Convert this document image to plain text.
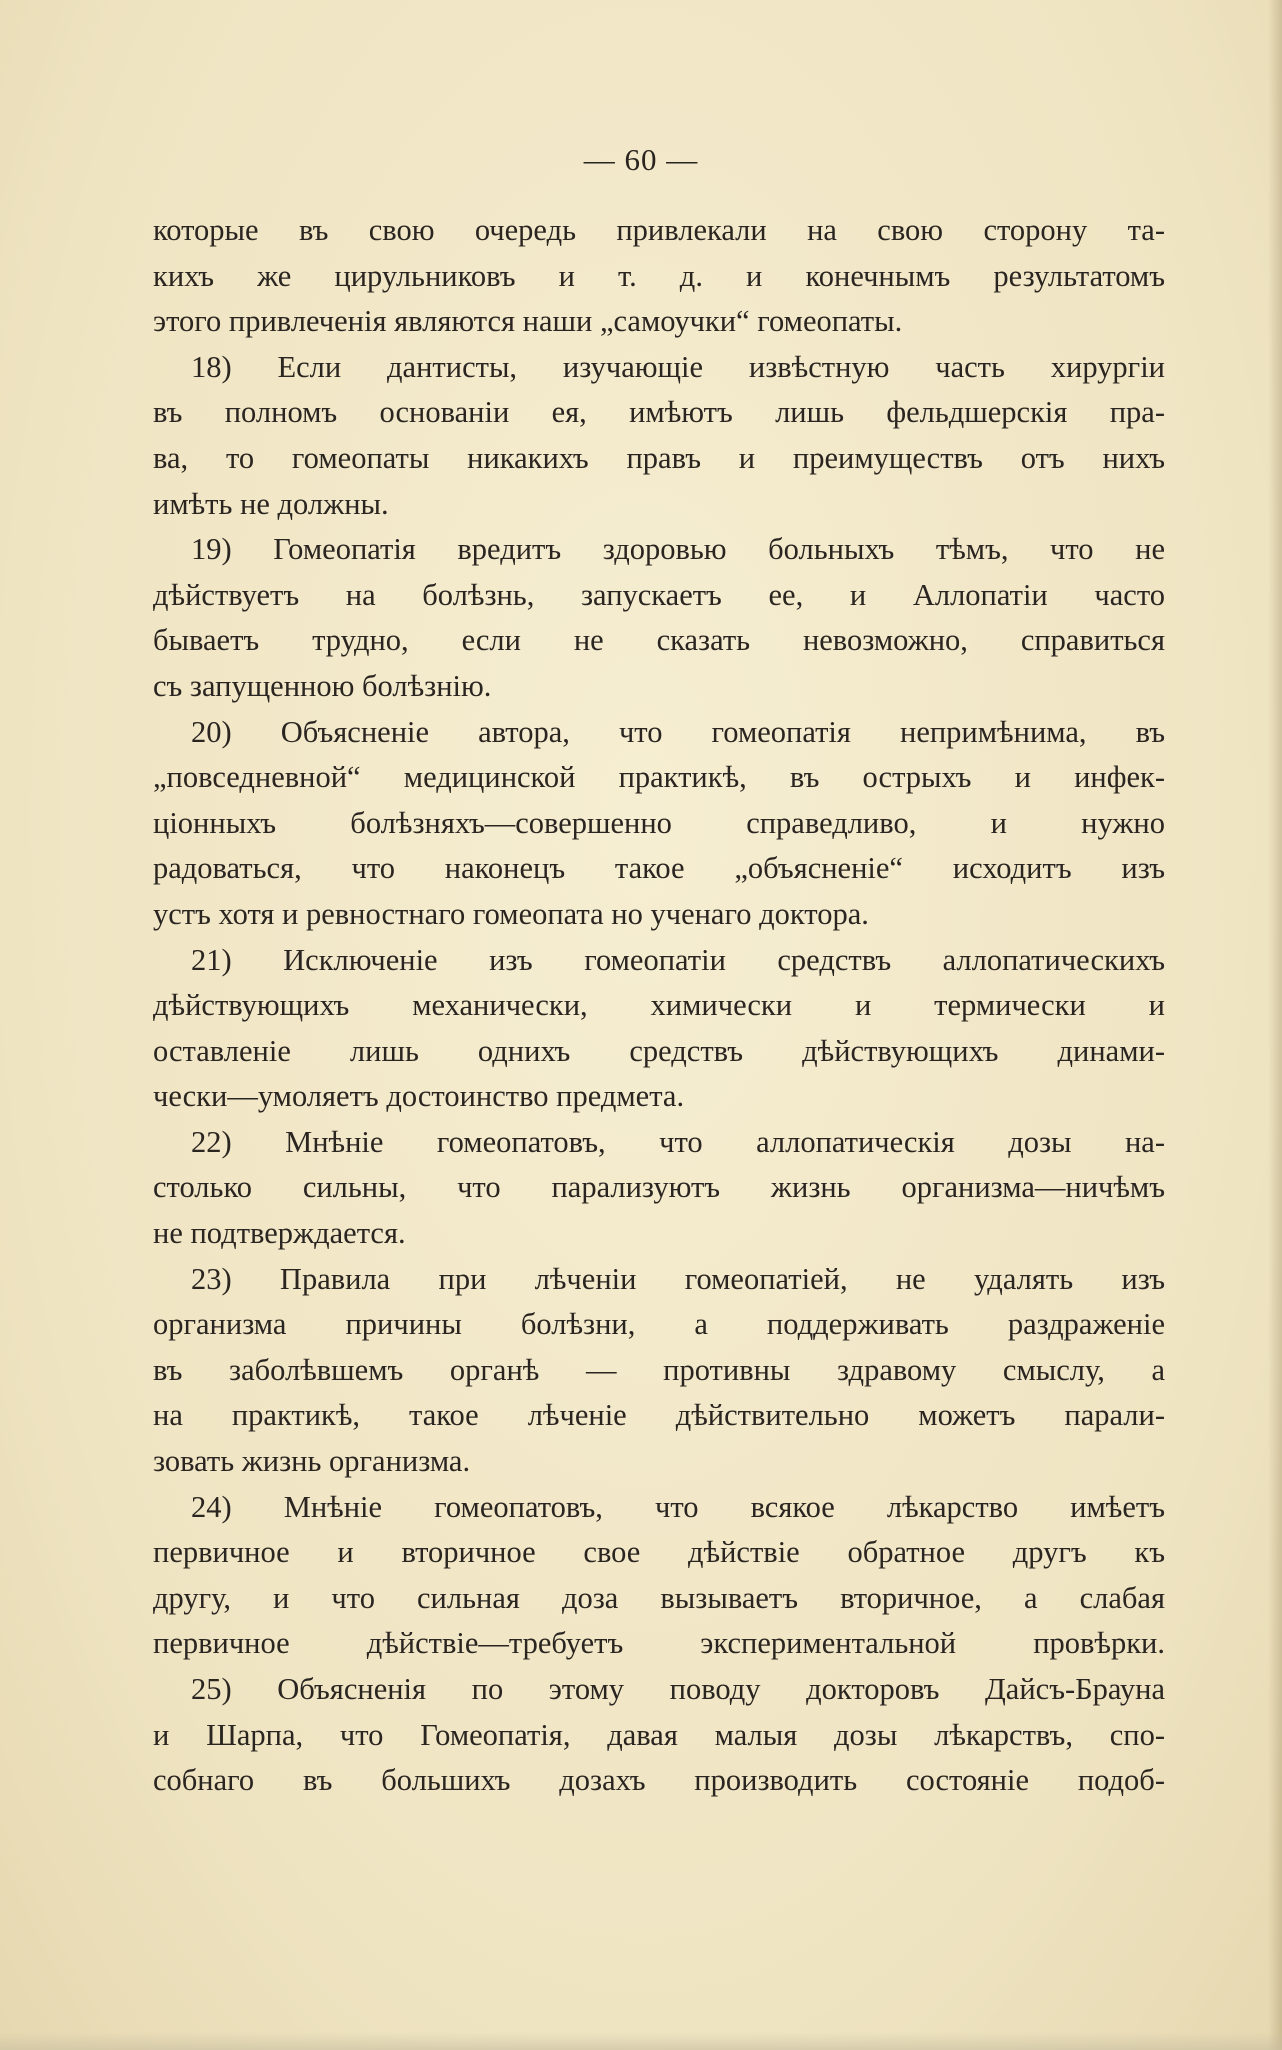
— 60 —
которые въ свою очередь привлекали на свою сторону та-
кихъ же цирульниковъ и т. д. и конечнымъ результатомъ
этого привлеченія являются наши „самоучки“ гомеопаты.
18) Если дантисты, изучающіе извѣстную часть хирургіи
въ полномъ основаніи ея, имѣютъ лишь фельдшерскія пра-
ва, то гомеопаты никакихъ правъ и преимуществъ отъ нихъ
имѣть не должны.
19) Гомеопатія вредитъ здоровью больныхъ тѣмъ, что не
дѣйствуетъ на болѣзнь, запускаетъ ее, и Аллопатіи часто
бываетъ трудно, если не сказать невозможно, справиться
съ запущенною болѣзнію.
20) Объясненіе автора, что гомеопатія непримѣнима, въ
„повседневной“ медицинской практикѣ, въ острыхъ и инфек-
ціонныхъ болѣзняхъ—совершенно справедливо, и нужно
радоваться, что наконецъ такое „объясненіе“ исходитъ изъ
устъ хотя и ревностнаго гомеопата но ученаго доктора.
21) Исключеніе изъ гомеопатіи средствъ аллопатическихъ
дѣйствующихъ механически, химически и термически и
оставленіе лишь однихъ средствъ дѣйствующихъ динами-
чески—умоляетъ достоинство предмета.
22) Мнѣніе гомеопатовъ, что аллопатическія дозы на-
столько сильны, что парализуютъ жизнь организма—ничѣмъ
не подтверждается.
23) Правила при лѣченіи гомеопатіей, не удалять изъ
организма причины болѣзни, а поддерживать раздраженіе
въ заболѣвшемъ органѣ — противны здравому смыслу, а
на практикѣ, такое лѣченіе дѣйствительно можетъ парали-
зовать жизнь организма.
24) Мнѣніе гомеопатовъ, что всякое лѣкарство имѣетъ
первичное и вторичное свое дѣйствіе обратное другъ къ
другу, и что сильная доза вызываетъ вторичное, а слабая
первичное дѣйствіе—требуетъ экспериментальной провѣрки.
25) Объясненія по этому поводу докторовъ Дайсъ-Брауна
и Шарпа, что Гомеопатія, давая малыя дозы лѣкарствъ, спо-
собнаго въ большихъ дозахъ производить состояніе подоб-
